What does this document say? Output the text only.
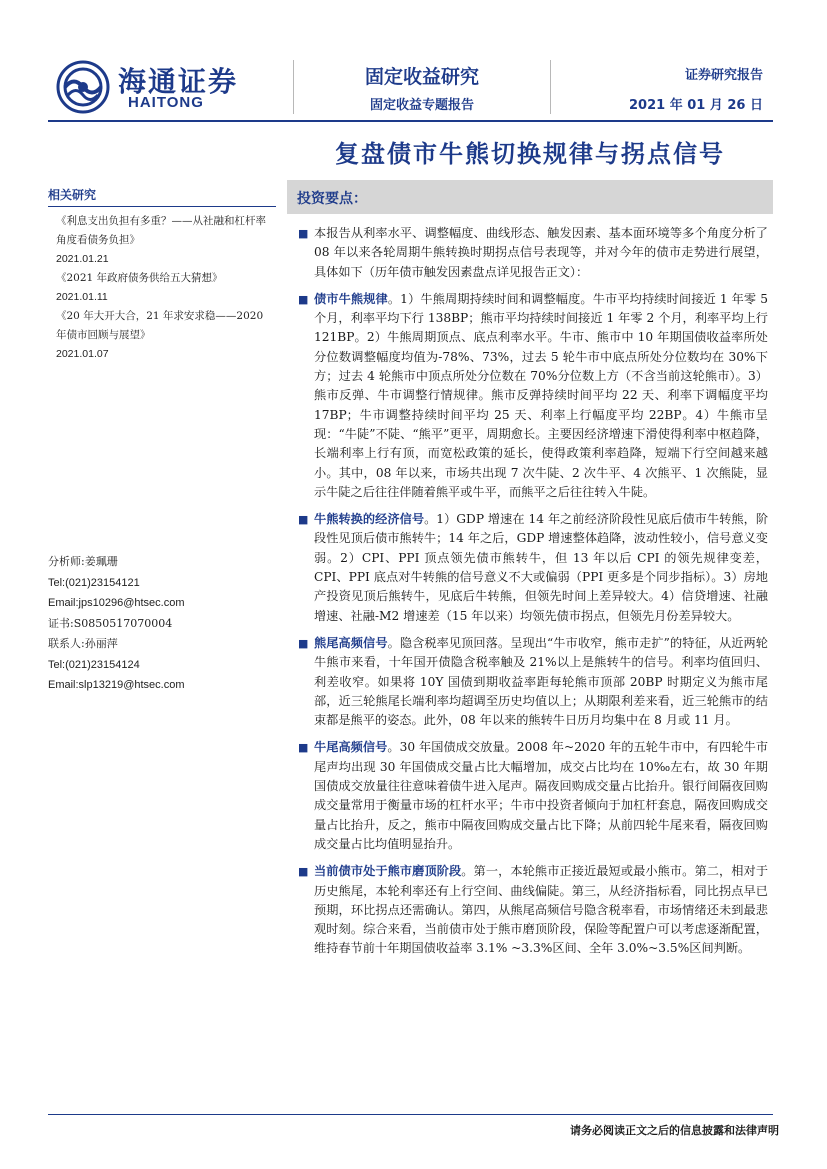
海通证券
HAITONG
固定收益研究
固定收益专题报告
证券研究报告
2021 年 01 月 26 日
复盘债市牛熊切换规律与拐点信号
相关研究
《利息支出负担有多重？——从社融和杠杆率角度看债务负担》
2021.01.21
《2021 年政府债务供给五大猜想》
2021.01.11
《20 年大开大合，21 年求安求稳——2020 年债市回顾与展望》
2021.01.07
分析师:姜珮珊
Tel:(021)23154121
Email:jps10296@htsec.com
证书:S0850517070004
联系人:孙丽萍
Tel:(021)23154124
Email:slp13219@htsec.com
投资要点：
■ 本报告从利率水平、调整幅度、曲线形态、触发因素、基本面环境等多个角度分析了 08 年以来各轮周期牛熊转换时期拐点信号表现等，并对今年的债市走势进行展望，具体如下（历年债市触发因素盘点详见报告正文）：
■ 债市牛熊规律。1）牛熊周期持续时间和调整幅度。牛市平均持续时间接近 1 年零 5 个月，利率平均下行 138BP；熊市平均持续时间接近 1 年零 2 个月，利率平均上行 121BP。2）牛熊周期顶点、底点利率水平。牛市、熊市中 10 年期国债收益率所处分位数调整幅度均值为-78%、73%，过去 5 轮牛市中底点所处分位数均在 30%下方；过去 4 轮熊市中顶点所处分位数在 70%分位数上方（不含当前这轮熊市）。3）熊市反弹、牛市调整行情规律。熊市反弹持续时间平均 22 天、利率下调幅度平均 17BP；牛市调整持续时间平均 25 天、利率上行幅度平均 22BP。4）牛熊市呈现：“牛陡”不陡、“熊平”更平，周期愈长。主要因经济增速下滑使得利率中枢趋降，长端利率上行有顶，而宽松政策的延长，使得政策利率趋降，短端下行空间越来越小。其中，08 年以来，市场共出现 7 次牛陡、2 次牛平、4 次熊平、1 次熊陡，显示牛陡之后往往伴随着熊平或牛平，而熊平之后往往转入牛陡。
■ 牛熊转换的经济信号。1）GDP 增速在 14 年之前经济阶段性见底后债市牛转熊，阶段性见顶后债市熊转牛；14 年之后，GDP 增速整体趋降，波动性较小，信号意义变弱。2）CPI、PPI 顶点领先债市熊转牛，但 13 年以后 CPI 的领先规律变差，CPI、PPI 底点对牛转熊的信号意义不大或偏弱（PPI 更多是个同步指标）。3）房地产投资见顶后熊转牛，见底后牛转熊，但领先时间上差异较大。4）信贷增速、社融增速、社融-M2 增速差（15 年以来）均领先债市拐点，但领先月份差异较大。
■ 熊尾高频信号。隐含税率见顶回落。呈现出“牛市收窄，熊市走扩”的特征，从近两轮牛熊市来看，十年国开债隐含税率触及 21%以上是熊转牛的信号。利率均值回归、利差收窄。如果将 10Y 国债到期收益率距每轮熊市顶部 20BP 时期定义为熊市尾部，近三轮熊尾长端利率均超调至历史均值以上；从期限利差来看，近三轮熊市的结束都是熊平的姿态。此外，08 年以来的熊转牛日历月均集中在 8 月或 11 月。
■ 牛尾高频信号。30 年国债成交放量。2008 年~2020 年的五轮牛市中，有四轮牛市尾声均出现 30 年国债成交量占比大幅增加，成交占比均在 10‰左右，故 30 年期国债成交放量往往意味着债牛进入尾声。隔夜回购成交量占比抬升。银行间隔夜回购成交量常用于衡量市场的杠杆水平；牛市中投资者倾向于加杠杆套息，隔夜回购成交量占比抬升，反之，熊市中隔夜回购成交量占比下降；从前四轮牛尾来看，隔夜回购成交量占比均值明显抬升。
■ 当前债市处于熊市磨顶阶段。第一，本轮熊市正接近最短或最小熊市。第二，相对于历史熊尾，本轮利率还有上行空间、曲线偏陡。第三，从经济指标看，同比拐点早已预期，环比拐点还需确认。第四，从熊尾高频信号隐含税率看，市场情绪还未到最悲观时刻。综合来看，当前债市处于熊市磨顶阶段，保险等配置户可以考虑逐渐配置，维持春节前十年期国债收益率 3.1% ~3.3%区间、全年 3.0%~3.5%区间判断。
请务必阅读正文之后的信息披露和法律声明
